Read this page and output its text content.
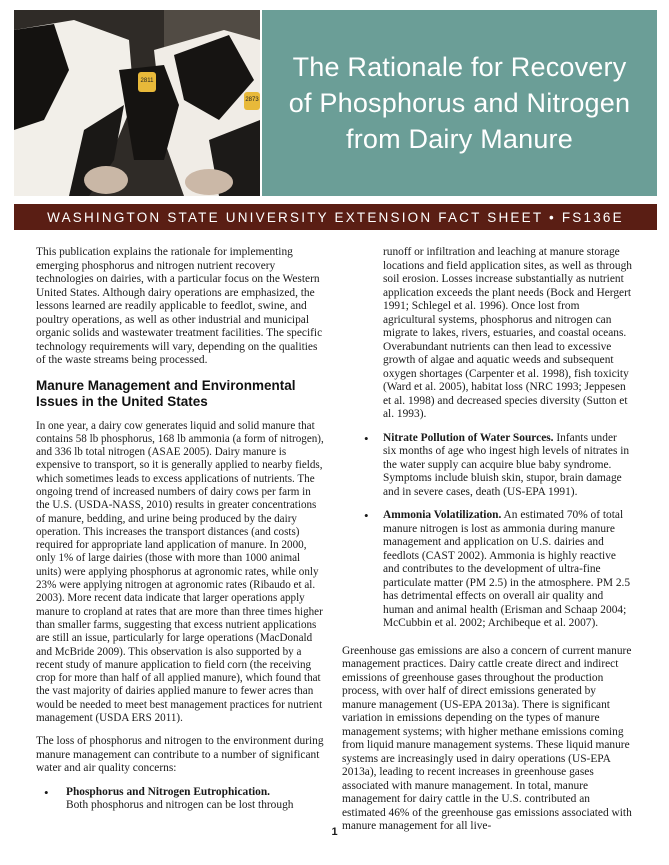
2811
2873
The Rationale for Recovery
of Phosphorus and Nitrogen
from Dairy Manure
WASHINGTON STATE UNIVERSITY EXTENSION FACT SHEET • FS136E

This publication explains the rationale for implementing emerging phosphorus and nitrogen nutrient recovery technologies on dairies, with a particular focus on the Western United States. Although dairy operations are emphasized, the lessons learned are readily applicable to feedlot, swine, and poultry operations, as well as other industrial and municipal organic solids and wastewater treatment facilities. The specific technology requirements will vary, depending on the qualities of the waste streams being processed.

Manure Management and Environmental Issues in the United States

In one year, a dairy cow generates liquid and solid manure that contains 58 lb phosphorus, 168 lb ammonia (a form of nitrogen), and 336 lb total nitrogen (ASAE 2005). Dairy manure is expensive to transport, so it is generally applied to nearby fields, which sometimes leads to excess applications of nutrients. The ongoing trend of increased numbers of dairy cows per farm in the U.S. (USDA-NASS, 2010) results in greater concentrations of manure, bedding, and urine being produced by the dairy operation. This increases the transport distances (and costs) required for appropriate land application of manure. In 2000, only 1% of large dairies (those with more than 1000 animal units) were applying phosphorus at agronomic rates, while only 23% were applying nitrogen at agronomic rates (Ribaudo et al. 2003). More recent data indicate that larger operations apply manure to cropland at rates that are more than three times higher than smaller farms, suggesting that excess nutrient applications are still an issue, particularly for large operations (MacDonald and McBride 2009). This observation is also supported by a recent study of manure application to field corn (the receiving crop for more than half of all applied manure), which found that the vast majority of dairies applied manure to fewer acres than would be needed to meet best management practices for nutrient management (USDA ERS 2011).

The loss of phosphorus and nitrogen to the environment during manure management can contribute to a number of significant water and air quality concerns:

• Phosphorus and Nitrogen Eutrophication.
Both phosphorus and nitrogen can be lost through

runoff or infiltration and leaching at manure storage locations and field application sites, as well as through soil erosion. Losses increase substantially as nutrient application exceeds the plant needs (Bock and Hergert 1991; Schlegel et al. 1996). Once lost from agricultural systems, phosphorus and nitrogen can migrate to lakes, rivers, estuaries, and coastal oceans. Overabundant nutrients can then lead to excessive growth of algae and aquatic weeds and subsequent oxygen shortages (Carpenter et al. 1998), fish toxicity (Ward et al. 2005), habitat loss (NRC 1993; Jeppesen et al. 1998) and decreased species diversity (Sutton et al. 1993).

• Nitrate Pollution of Water Sources. Infants under six months of age who ingest high levels of nitrates in the water supply can acquire blue baby syndrome. Symptoms include bluish skin, stupor, brain damage and in severe cases, death (US-EPA 1991).
• Ammonia Volatilization. An estimated 70% of total manure nitrogen is lost as ammonia during manure management and application on U.S. dairies and feedlots (CAST 2002). Ammonia is highly reactive and contributes to the development of ultra-fine particulate matter (PM 2.5) in the atmosphere. PM 2.5 has detrimental effects on overall air quality and human and animal health (Erisman and Schaap 2004; McCubbin et al. 2002; Archibeque et al. 2007).

Greenhouse gas emissions are also a concern of current manure management practices. Dairy cattle create direct and indirect emissions of greenhouse gases throughout the production process, with over half of direct emissions generated by manure management (US-EPA 2013a). There is significant variation in emissions depending on the types of manure management systems; with higher methane emissions coming from liquid manure management systems. These liquid manure systems are increasingly used in dairy operations (US-EPA 2013a), leading to recent increases in greenhouse gases associated with manure management. In total, manure management for dairy cattle in the U.S. contributed an estimated 46% of the greenhouse gas emissions associated with manure management for all live-

1
